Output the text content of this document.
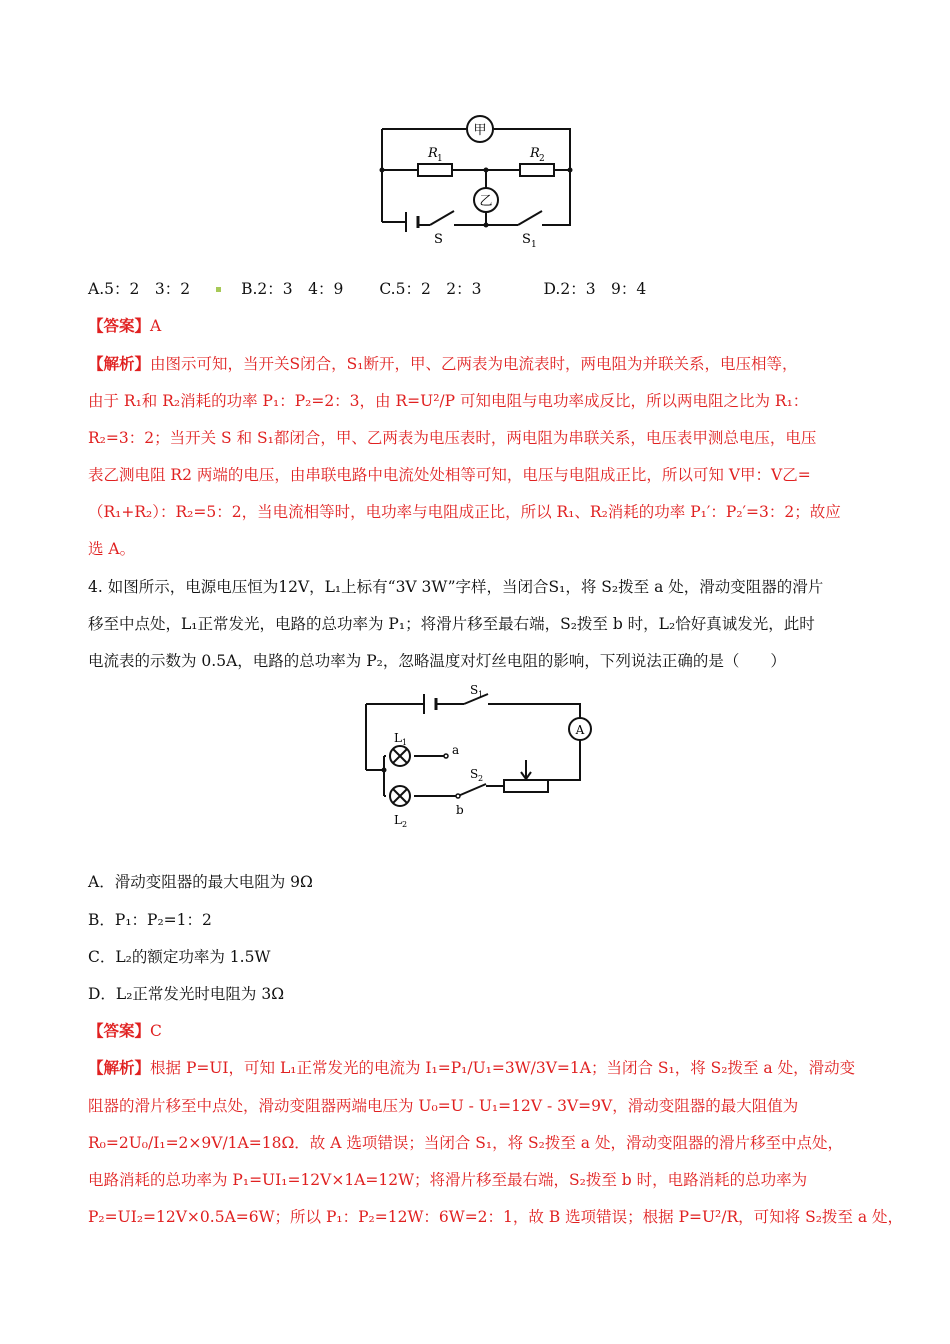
甲
乙
R 1	R 2
S	S 1
A.5：2　3：2	B.2：3　4：9 C.5：2　2：3	D.2：3　9：4
【答案】A
【解析】由图示可知，当开关S闭合，S₁断开，甲、乙两表为电流表时，两电阻为并联关系，电压相等，
由于 R₁和 R₂消耗的功率 P₁：P₂=2：3，由 R=U²/P 可知电阻与电功率成反比，所以两电阻之比为 R₁：
R₂=3：2；当开关 S 和 S₁都闭合，甲、乙两表为电压表时，两电阻为串联关系，电压表甲测总电压，电压
表乙测电阻 R2 两端的电压，由串联电路中电流处处相等可知，电压与电阻成正比，所以可知 V甲：V乙=
（R₁+R₂）：R₂=5：2，当电流相等时，电功率与电阻成正比，所以 R₁、R₂消耗的功率 P₁′：P₂′=3：2；故应
选 A。
4. 如图所示，电源电压恒为12V，L₁上标有“3V 3W”字样，当闭合S₁，将 S₂拨至 a 处，滑动变阻器的滑片
移至中点处，L₁正常发光，电路的总功率为 P₁；将滑片移至最右端，S₂拨至 b 时，L₂恰好真诚发光，此时
电流表的示数为 0.5A，电路的总功率为 P₂，忽略温度对灯丝电阻的影响，下列说法正确的是（　　）
A
S 1
L 1
L 2
a
b
S 2
A．滑动变阻器的最大电阻为 9Ω
B．P₁：P₂=1：2
C．L₂的额定功率为 1.5W
D．L₂正常发光时电阻为 3Ω
【答案】C
【解析】根据 P=UI，可知 L₁正常发光的电流为 I₁=P₁/U₁=3W/3V=1A；当闭合 S₁，将 S₂拨至 a 处，滑动变
阻器的滑片移至中点处，滑动变阻器两端电压为 U₀=U - U₁=12V - 3V=9V，滑动变阻器的最大阻值为
R₀=2U₀/I₁=2×9V/1A=18Ω．故 A 选项错误；当闭合 S₁，将 S₂拨至 a 处，滑动变阻器的滑片移至中点处，
电路消耗的总功率为 P₁=UI₁=12V×1A=12W；将滑片移至最右端，S₂拨至 b 时，电路消耗的总功率为
P₂=UI₂=12V×0.5A=6W；所以 P₁：P₂=12W：6W=2：1，故 B 选项错误；根据 P=U²/R，可知将 S₂拨至 a 处，
